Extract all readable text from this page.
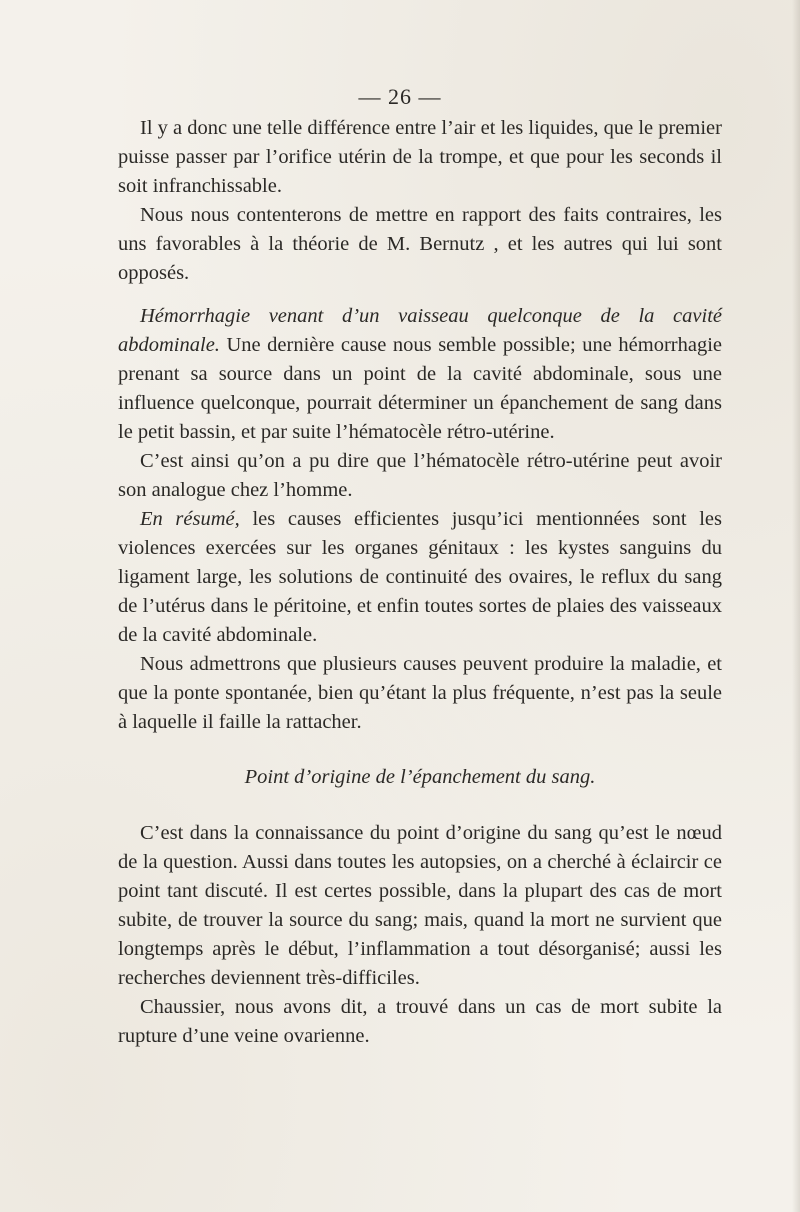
— 26 —

Il y a donc une telle différence entre l’air et les liquides, que le premier puisse passer par l’orifice utérin de la trompe, et que pour les seconds il soit infranchissable.

Nous nous contenterons de mettre en rapport des faits contraires, les uns favorables à la théorie de M. Bernutz , et les autres qui lui sont opposés.

Hémorrhagie venant d’un vaisseau quelconque de la cavité abdominale. Une dernière cause nous semble possible; une hémorrhagie prenant sa source dans un point de la cavité abdominale, sous une influence quelconque, pourrait déterminer un épanchement de sang dans le petit bassin, et par suite l’hématocèle rétro-utérine.

C’est ainsi qu’on a pu dire que l’hématocèle rétro-utérine peut avoir son analogue chez l’homme.

En résumé, les causes efficientes jusqu’ici mentionnées sont les violences exercées sur les organes génitaux : les kystes sanguins du ligament large, les solutions de continuité des ovaires, le reflux du sang de l’utérus dans le péritoine, et enfin toutes sortes de plaies des vaisseaux de la cavité abdominale.

Nous admettrons que plusieurs causes peuvent produire la maladie, et que la ponte spontanée, bien qu’étant la plus fréquente, n’est pas la seule à laquelle il faille la rattacher.

Point d’origine de l’épanchement du sang.

C’est dans la connaissance du point d’origine du sang qu’est le nœud de la question. Aussi dans toutes les autopsies, on a cherché à éclaircir ce point tant discuté. Il est certes possible, dans la plupart des cas de mort subite, de trouver la source du sang; mais, quand la mort ne survient que longtemps après le début, l’inflammation a tout désorganisé; aussi les recherches deviennent très-difficiles.

Chaussier, nous avons dit, a trouvé dans un cas de mort subite la rupture d’une veine ovarienne.
